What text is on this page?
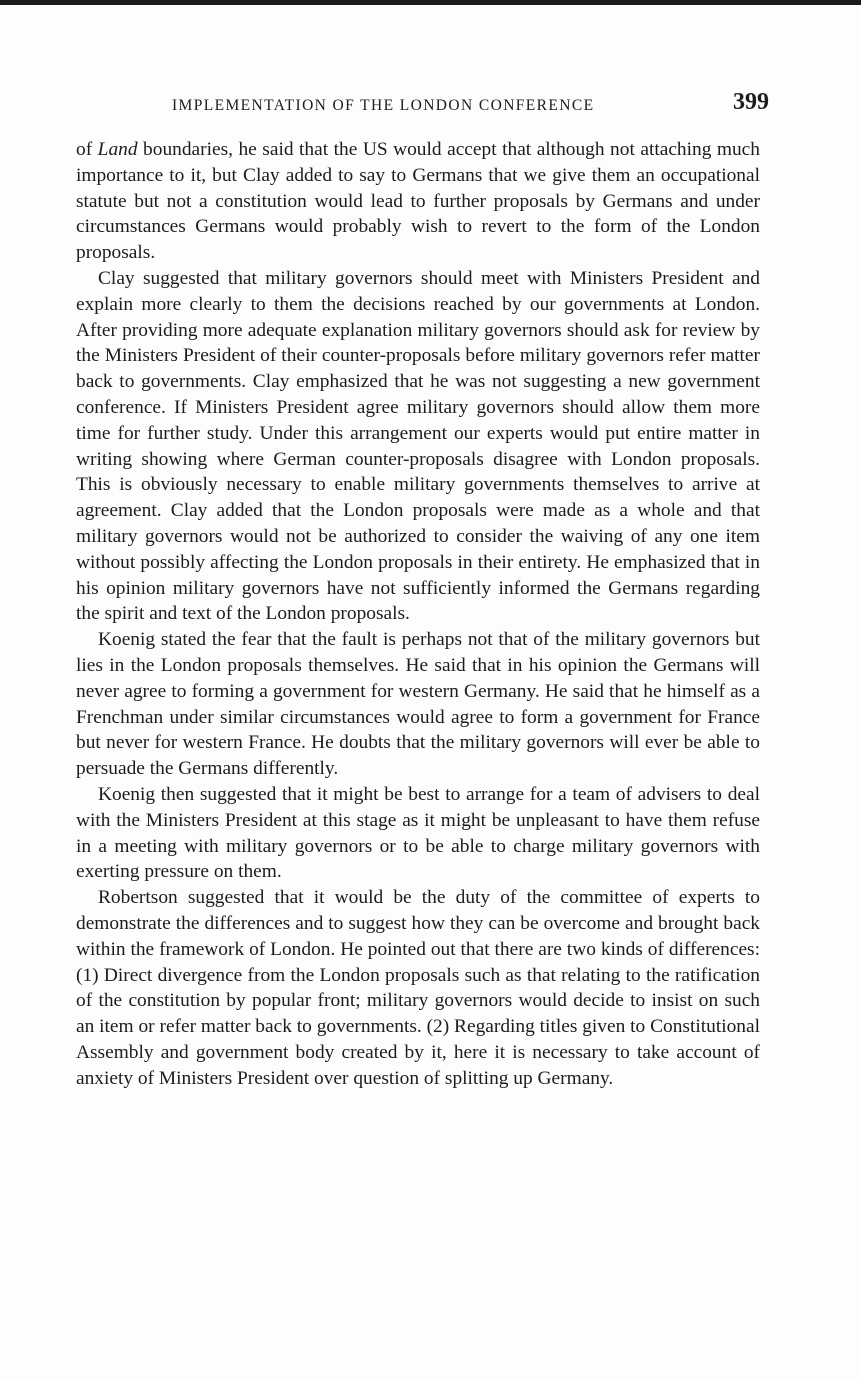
IMPLEMENTATION OF THE LONDON CONFERENCE	399

of Land boundaries, he said that the US would accept that although not attaching much importance to it, but Clay added to say to Germans that we give them an occupational statute but not a constitution would lead to further proposals by Germans and under circumstances Germans would probably wish to revert to the form of the London proposals.

Clay suggested that military governors should meet with Ministers President and explain more clearly to them the decisions reached by our governments at London. After providing more adequate explanation military governors should ask for review by the Ministers President of their counter-proposals before military governors refer matter back to governments. Clay emphasized that he was not suggesting a new government conference. If Ministers President agree military governors should allow them more time for further study. Under this arrangement our experts would put entire matter in writing showing where German counter-proposals disagree with London proposals. This is obviously necessary to enable military governments themselves to arrive at agreement. Clay added that the London proposals were made as a whole and that military governors would not be authorized to consider the waiving of any one item without possibly affecting the London proposals in their entirety. He emphasized that in his opinion military governors have not sufficiently informed the Germans regarding the spirit and text of the London proposals.

Koenig stated the fear that the fault is perhaps not that of the military governors but lies in the London proposals themselves. He said that in his opinion the Germans will never agree to forming a government for western Germany. He said that he himself as a Frenchman under similar circumstances would agree to form a government for France but never for western France. He doubts that the military governors will ever be able to persuade the Germans differently.

Koenig then suggested that it might be best to arrange for a team of advisers to deal with the Ministers President at this stage as it might be unpleasant to have them refuse in a meeting with military governors or to be able to charge military governors with exerting pressure on them.

Robertson suggested that it would be the duty of the committee of experts to demonstrate the differences and to suggest how they can be overcome and brought back within the framework of London. He pointed out that there are two kinds of differences: (1) Direct divergence from the London proposals such as that relating to the ratification of the constitution by popular front; military governors would decide to insist on such an item or refer matter back to governments. (2) Regarding titles given to Constitutional Assembly and government body created by it, here it is necessary to take account of anxiety of Ministers President over question of splitting up Germany.
